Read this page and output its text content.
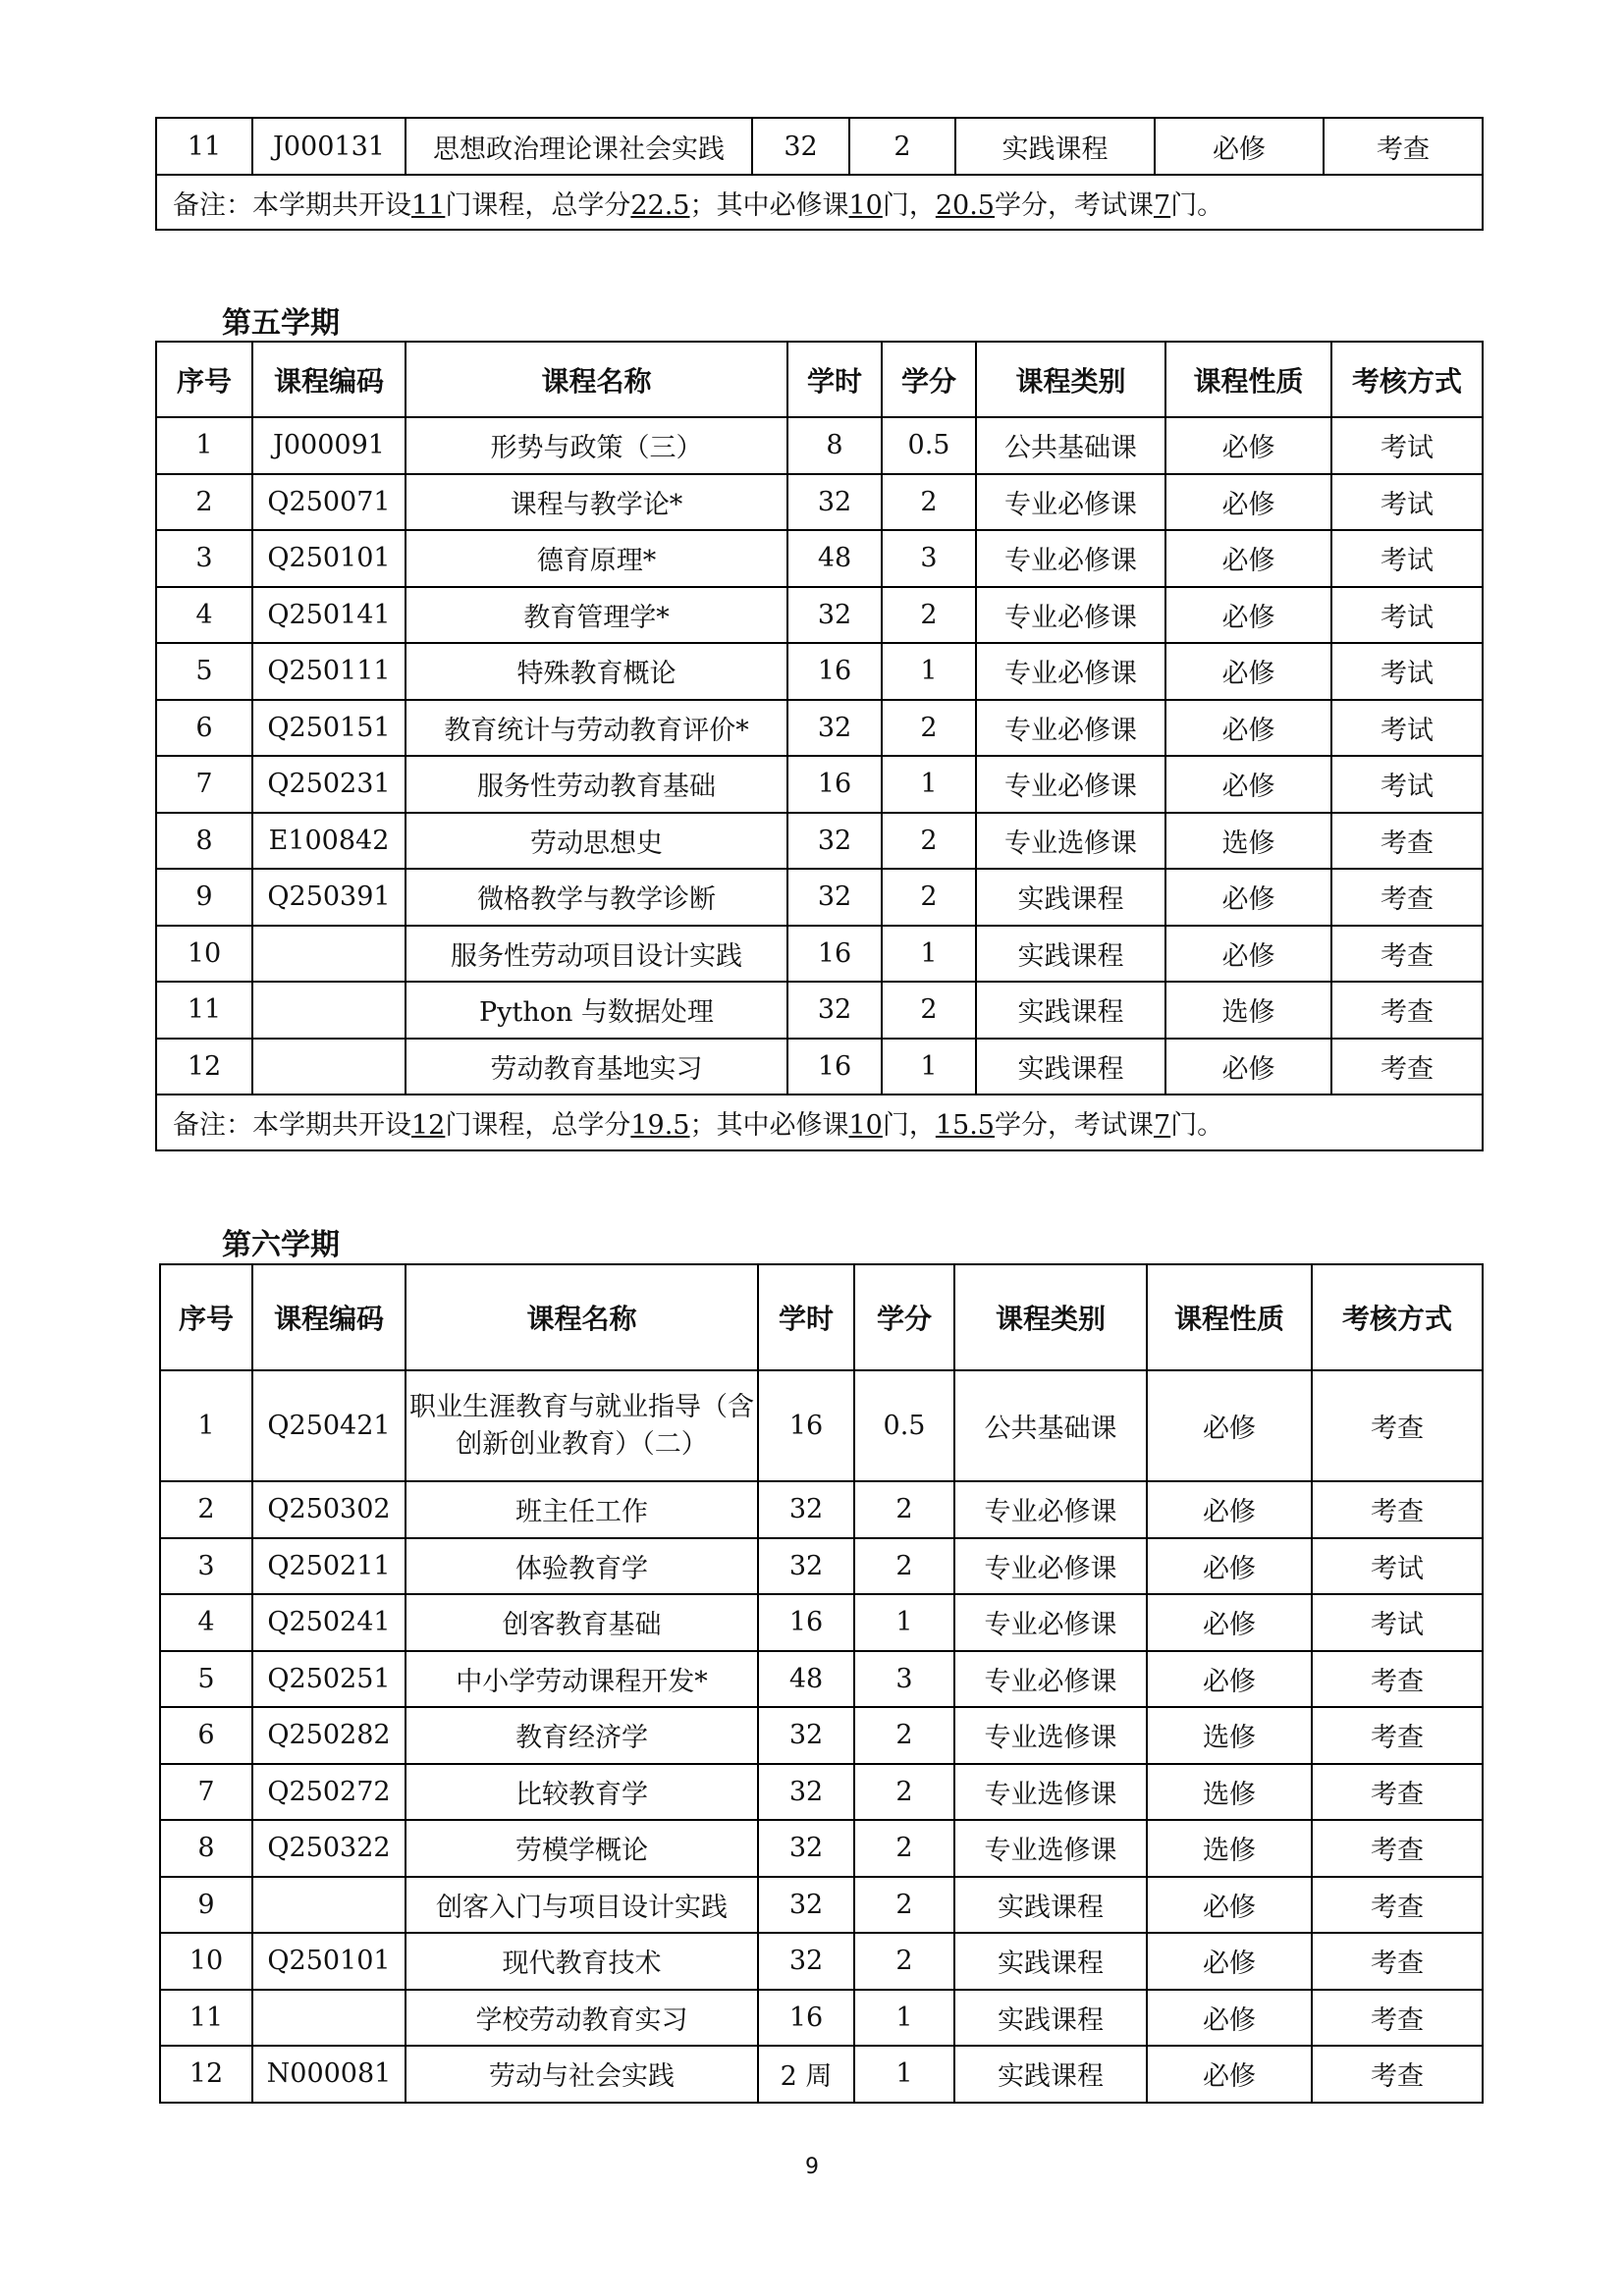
11	J000131	思想政治理论课社会实践	32	2	实践课程	必修	考查
备注：本学期共开设11门课程，总学分22.5；其中必修课10门，20.5学分，考试课7门。
第五学期
序号	课程编码	课程名称	学时	学分	课程类别	课程性质	考核方式
1	J000091	形势与政策（三）	8	0.5	公共基础课	必修	考试
2	Q250071	课程与教学论*	32	2	专业必修课	必修	考试
3	Q250101	德育原理*	48	3	专业必修课	必修	考试
4	Q250141	教育管理学*	32	2	专业必修课	必修	考试
5	Q250111	特殊教育概论	16	1	专业必修课	必修	考试
6	Q250151	教育统计与劳动教育评价*	32	2	专业必修课	必修	考试
7	Q250231	服务性劳动教育基础	16	1	专业必修课	必修	考试
8	E100842	劳动思想史	32	2	专业选修课	选修	考查
9	Q250391	微格教学与教学诊断	32	2	实践课程	必修	考查
10		服务性劳动项目设计实践	16	1	实践课程	必修	考查
11		Python 与数据处理	32	2	实践课程	选修	考查
12		劳动教育基地实习	16	1	实践课程	必修	考查
备注：本学期共开设12门课程，总学分19.5；其中必修课10门，15.5学分，考试课7门。							
第六学期
序号	课程编码	课程名称	学时	学分	课程类别	课程性质	考核方式
1	Q250421	职业生涯教育与就业指导（含创新创业教育）（二）	16	0.5	公共基础课	必修	考查
2	Q250302	班主任工作	32	2	专业必修课	必修	考查
3	Q250211	体验教育学	32	2	专业必修课	必修	考试
4	Q250241	创客教育基础	16	1	专业必修课	必修	考试
5	Q250251	中小学劳动课程开发*	48	3	专业必修课	必修	考查
6	Q250282	教育经济学	32	2	专业选修课	选修	考查
7	Q250272	比较教育学	32	2	专业选修课	选修	考查
8	Q250322	劳模学概论	32	2	专业选修课	选修	考查
9		创客入门与项目设计实践	32	2	实践课程	必修	考查
10	Q250101	现代教育技术	32	2	实践课程	必修	考查
11		学校劳动教育实习	16	1	实践课程	必修	考查
12	N000081	劳动与社会实践	2 周	1	实践课程	必修	考查
9
